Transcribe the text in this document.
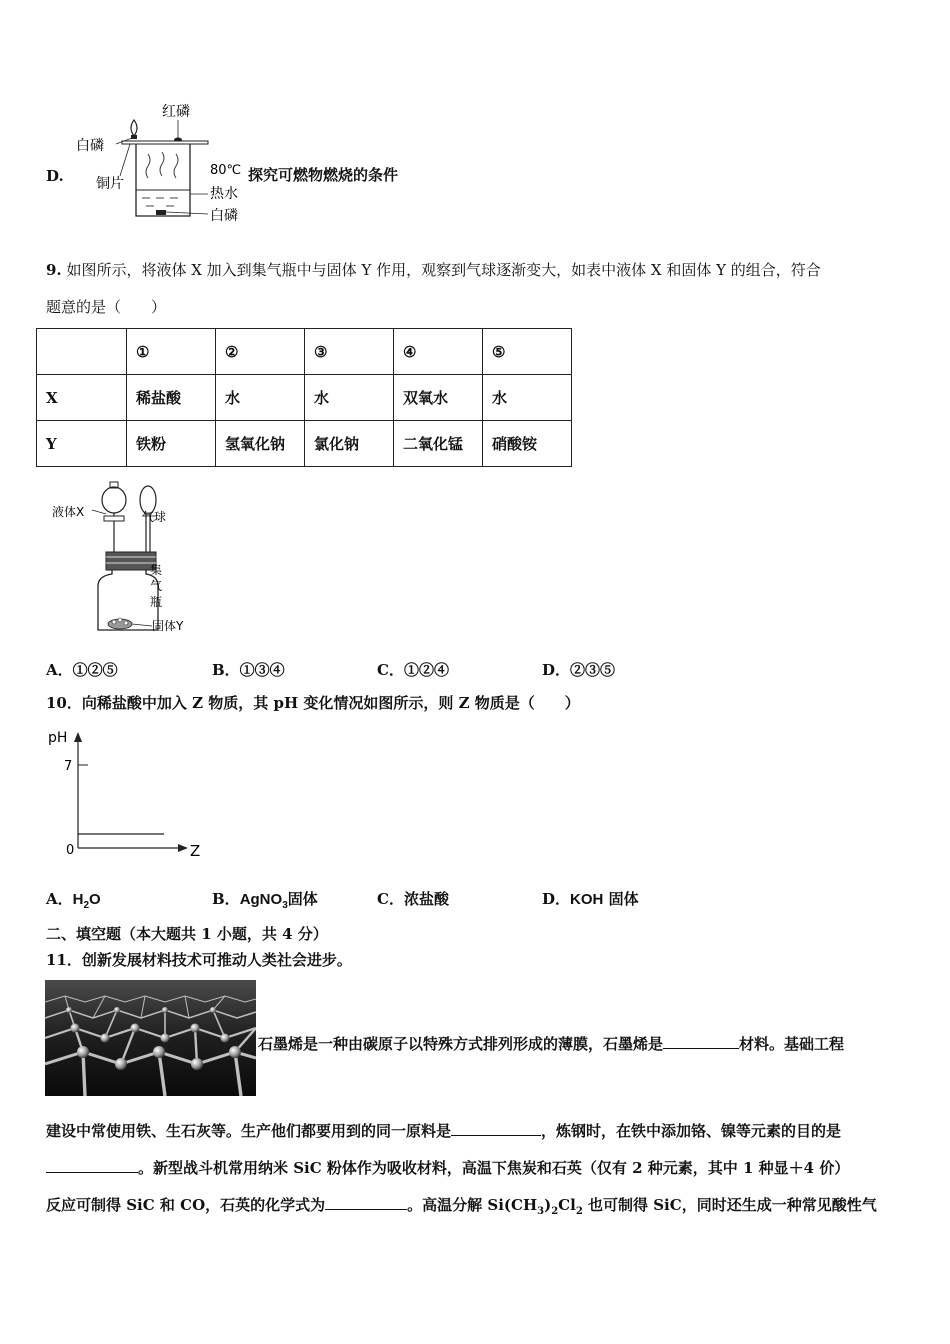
D.
红磷
白磷
铜片
80℃
热水
白磷
探究可燃物燃烧的条件
9. 如图所示，将液体 X 加入到集气瓶中与固体 Y 作用，观察到气球逐渐变大，如表中液体 X 和固体 Y 的组合，符合
题意的是（　　）
	①	②	③	④	⑤
X	稀盐酸	水	水	双氧水	水
Y	铁粉	氢氧化钠	氯化钠	二氧化锰	硝酸铵
液体X	气球
集
气
瓶
固体Y
A．①②⑤	B．①③④	C．①②④	D．②③⑤
10．向稀盐酸中加入 Z 物质，其 pH 变化情况如图所示，则 Z 物质是（　　）
pH
7
0	Z
A．$H_2O$	B．AgNO$_3$固体	C．浓盐酸	D．KOH 固体
二、填空题（本大题共 1 小题，共 4 分）
11．创新发展材料技术可推动人类社会进步。
石墨烯是一种由碳原子以特殊方式排列形成的薄膜，石墨烯是	材料。基础工程
建设中常使用铁、生石灰等。生产他们都要用到的同一原料是	，炼钢时，在铁中添加铬、镍等元素的目的是
。新型战斗机常用纳米 SiC 粉体作为吸收材料，高温下焦炭和石英（仅有 2 种元素，其中 1 种显＋4 价）
反应可制得 SiC 和 CO，石英的化学式为	。高温分解 $Si(CH_3)_2Cl_2$ 也可制得 SiC，同时还生成一种常见酸性气
